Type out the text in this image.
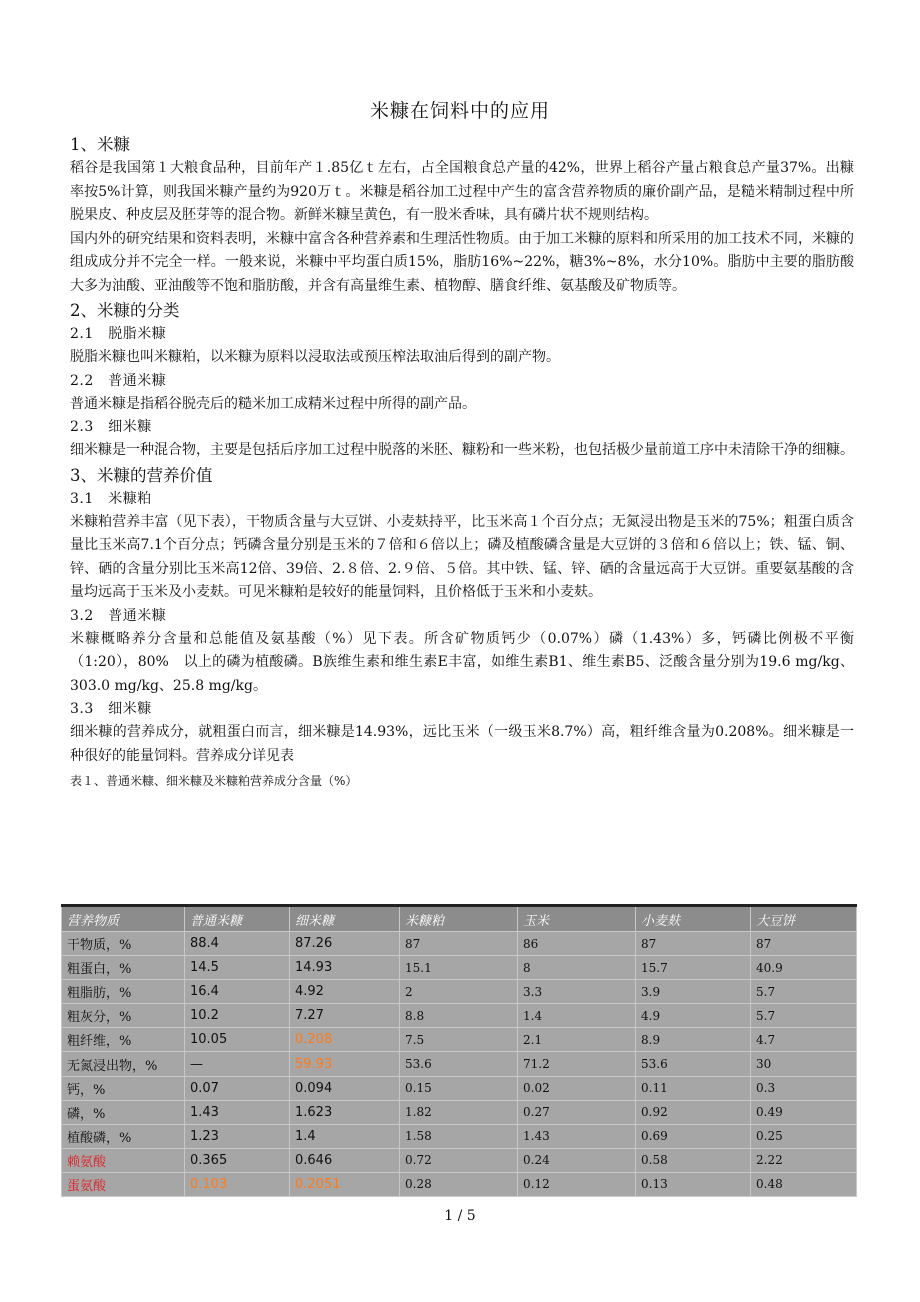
米糠在饲料中的应用
1、米糠

稻谷是我国第１大粮食品种，目前年产１.85亿ｔ左右，占全国粮食总产量的42%，世界上稻谷产量占粮食总产量37%。出糠率按5%计算，则我国米糠产量约为920万ｔ。米糠是稻谷加工过程中产生的富含营养物质的廉价副产品，是糙米精制过程中所脱果皮、种皮层及胚芽等的混合物。新鲜米糠呈黄色，有一股米香味，具有磷片状不规则结构。

国内外的研究结果和资料表明，米糠中富含各种营养素和生理活性物质。由于加工米糠的原料和所采用的加工技术不同，米糠的组成成分并不完全一样。一般来说，米糠中平均蛋白质15%，脂肪16%~22%，糖3%~8%，水分10%。脂肪中主要的脂肪酸大多为油酸、亚油酸等不饱和脂肪酸，并含有高量维生素、植物醇、膳食纤维、氨基酸及矿物质等。

2、米糠的分类
2.1　脱脂米糠

脱脂米糠也叫米糠粕，以米糠为原料以浸取法或预压榨法取油后得到的副产物。

2.2　普通米糠

普通米糠是指稻谷脱壳后的糙米加工成精米过程中所得的副产品。

2.3　细米糠

细米糠是一种混合物，主要是包括后序加工过程中脱落的米胚、糠粉和一些米粉，也包括极少量前道工序中未清除干净的细糠。

3、米糠的营养价值
3.1　米糠粕

米糠粕营养丰富（见下表），干物质含量与大豆饼、小麦麸持平，比玉米高１个百分点；无氮浸出物是玉米的75%；粗蛋白质含量比玉米高7.1个百分点；钙磷含量分别是玉米的７倍和６倍以上；磷及植酸磷含量是大豆饼的３倍和６倍以上；铁、锰、铜、锌、硒的含量分别比玉米高12倍、39倍、2.８倍、2.９倍、５倍。其中铁、锰、锌、硒的含量远高于大豆饼。重要氨基酸的含量均远高于玉米及小麦麸。可见米糠粕是较好的能量饲料，且价格低于玉米和小麦麸。

3.2　普通米糠

米糠概略养分含量和总能值及氨基酸（%）见下表。所含矿物质钙少（0.07%）磷（1.43%）多，钙磷比例极不平衡（1:20），80%　以上的磷为植酸磷。B族维生素和维生素E丰富，如维生素B1、维生素B5、泛酸含量分别为19.6 mg/kg、303.0 mg/kg、25.8 mg/kg。

3.3　细米糠

细米糠的营养成分，就粗蛋白而言，细米糠是14.93%，远比玉米（一级玉米8.7%）高，粗纤维含量为0.208%。细米糠是一种很好的能量饲料。营养成分详见表

表１、普通米糠、细米糠及米糠粕营养成分含量（%）
营养物质	普通米糠	细米糠	米糠粕	玉米	小麦麸	大豆饼
干物质，%	88.4	87.26	87	86	87	87
粗蛋白，%	14.5	14.93	15.1	8	15.7	40.9
粗脂肪，%	16.4	4.92	2	3.3	3.9	5.7
粗灰分，%	10.2	7.27	8.8	1.4	4.9	5.7
粗纤维，%	10.05	0.208	7.5	2.1	8.9	4.7
无氮浸出物，%	—	59.93	53.6	71.2	53.6	30
钙，%	0.07	0.094	0.15	0.02	0.11	0.3
磷，%	1.43	1.623	1.82	0.27	0.92	0.49
植酸磷，%	1.23	1.4	1.58	1.43	0.69	0.25
赖氨酸	0.365	0.646	0.72	0.24	0.58	2.22
蛋氨酸	0.103	0.2051	0.28	0.12	0.13	0.48
1 / 5
